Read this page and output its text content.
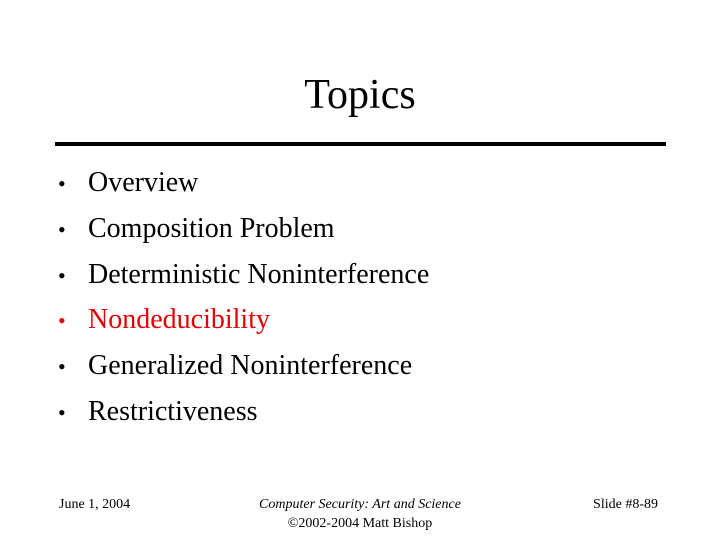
Topics
• Overview
• Composition Problem
• Deterministic Noninterference
• Nondeducibility
• Generalized Noninterference
• Restrictiveness
June 1, 2004	Computer Security: Art and Science
©2002-2004 Matt Bishop
Slide #8-89
